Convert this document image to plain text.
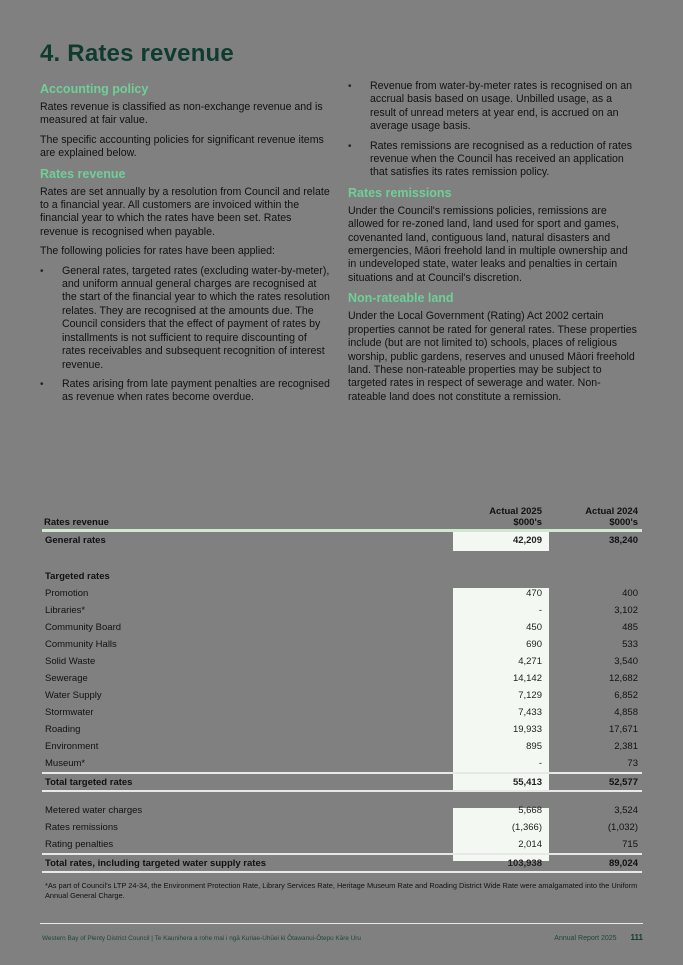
4. Rates revenue
Accounting policy

Rates revenue is classified as non-exchange revenue and is measured at fair value.

The specific accounting policies for significant revenue items are explained below.

Rates revenue

Rates are set annually by a resolution from Council and relate to a financial year. All customers are invoiced within the financial year to which the rates have been set. Rates revenue is recognised when payable.

The following policies for rates have been applied:

• General rates, targeted rates (excluding water-by-meter), and uniform annual general charges are recognised at the start of the financial year to which the rates resolution relates. They are recognised at the amounts due. The Council considers that the effect of payment of rates by installments is not sufficient to require discounting of rates receivables and subsequent recognition of interest revenue.
• Rates arising from late payment penalties are recognised as revenue when rates become overdue.
• Revenue from water-by-meter rates is recognised on an accrual basis based on usage. Unbilled usage, as a result of unread meters at year end, is accrued on an average usage basis.
• Rates remissions are recognised as a reduction of rates revenue when the Council has received an application that satisfies its rates remission policy.
Rates remissions

Under the Council's remissions policies, remissions are allowed for re-zoned land, land used for sport and games, covenanted land, contiguous land, natural disasters and emergencies, Māori freehold land in multiple ownership and in undeveloped state, water leaks and penalties in certain situations and at Council's discretion.

Non-rateable land

Under the Local Government (Rating) Act 2002 certain properties cannot be rated for general rates. These properties include (but are not limited to) schools, places of religious worship, public gardens, reserves and unused Māori freehold land. These non-rateable properties may be subject to targeted rates in respect of sewerage and water. Non-rateable land does not constitute a remission.

Rates revenue
Actual 2025
$000's
Actual 2024
$000's
General rates	42,209	38,240
Targeted rates
Promotion	470	400
Libraries*	-	3,102
Community Board	450	485
Community Halls	690	533
Solid Waste	4,271	3,540
Sewerage	14,142	12,682
Water Supply	7,129	6,852
Stormwater	7,433	4,858
Roading	19,933	17,671
Environment	895	2,381
Museum*	-	73
Total targeted rates	55,413	52,577
Metered water charges	5,668	3,524
Rates remissions	(1,366)	(1,032)
Rating penalties	2,014	715
Total rates, including targeted water supply rates	103,938	89,024
*As part of Council's LTP 24-34, the Environment Protection Rate, Library Services Rate, Heritage Museum Rate and Roading District Wide Rate were amalgamated into the Uniform Annual General Charge.
Western Bay of Plenty District Council | Te Kaunihera a rohe mai i ngā Kuriae-Uhūei ki Ōtawanui-Ōtepu Kāre Uru	Annual Report 2025 111
